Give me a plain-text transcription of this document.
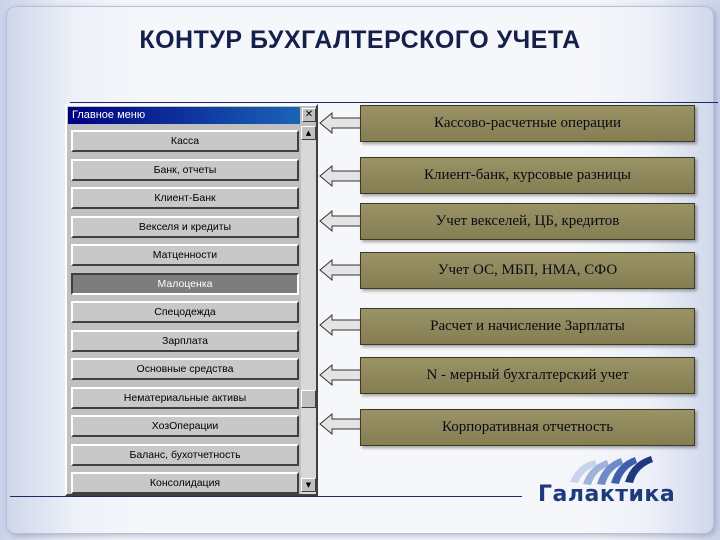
КОНТУР БУХГАЛТЕРСКОГО УЧЕТА
Главное меню	✕
Касса
Банк, отчеты
Клиент-Банк
Векселя и кредиты
Матценности
Малоценка
Спецодежда
Зарплата
Основные средства
Нематериальные активы
ХозОперации
Баланс, бухотчетность
Консолидация
▲
▼
Кассово-расчетные операции
Клиент-банк, курсовые разницы
Учет векселей, ЦБ, кредитов
Учет ОС, МБП, НМА, СФО
Расчет и начисление Зарплаты
N - мерный бухгалтерский учет
Корпоративная отчетность
Галактика
